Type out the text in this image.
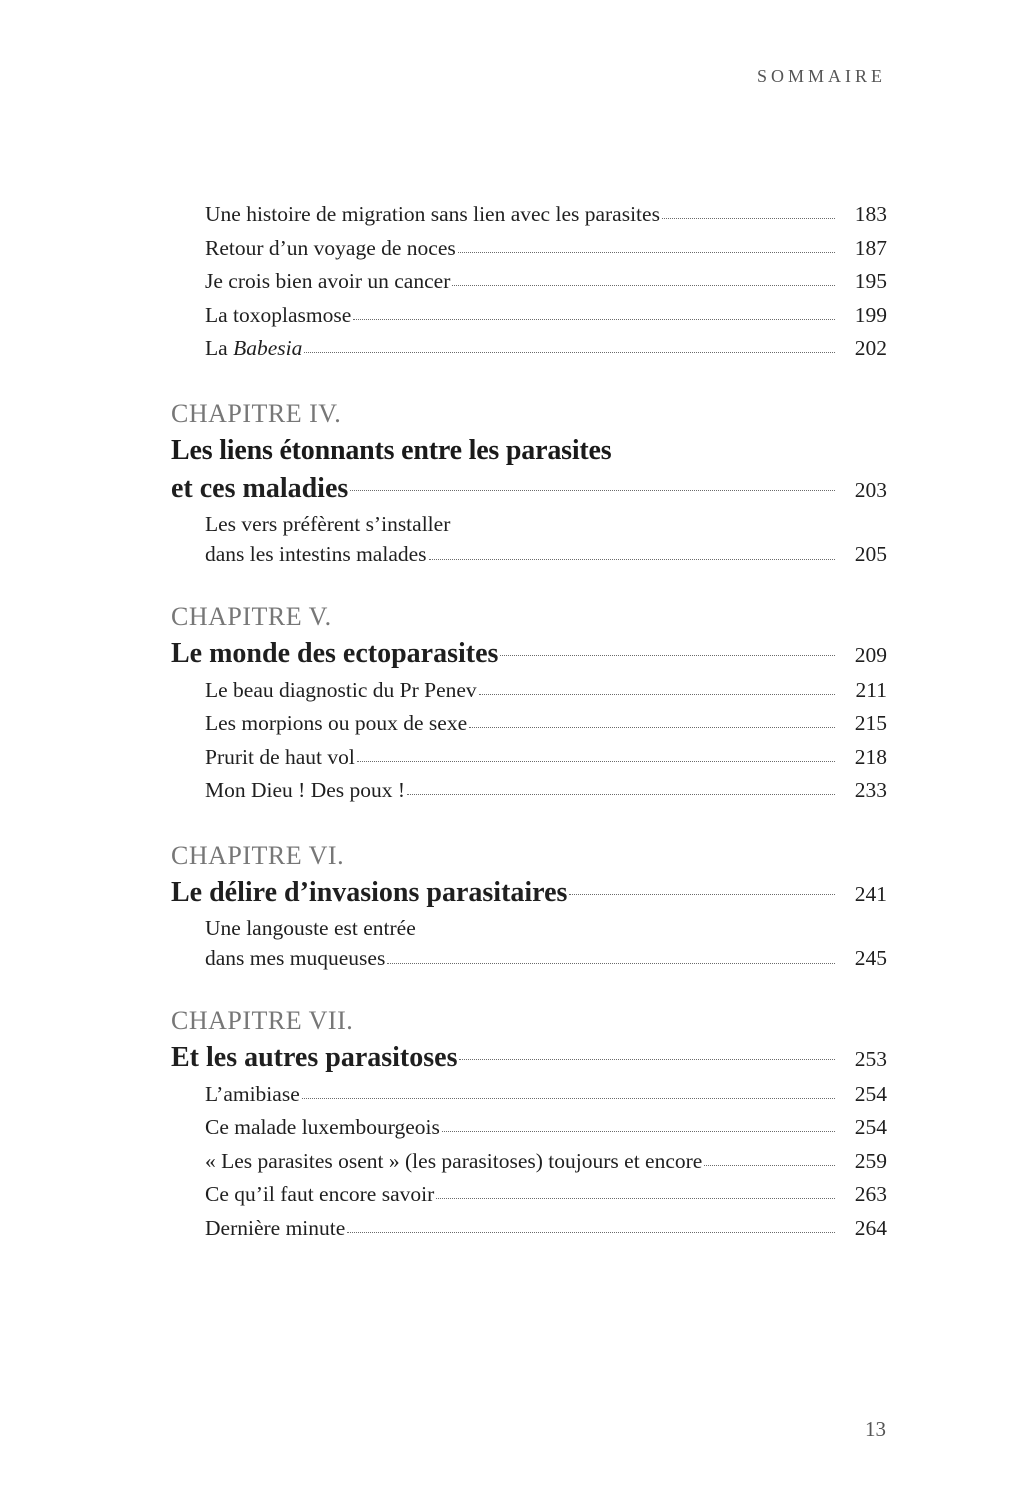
SOMMAIRE
Une histoire de migration sans lien avec les parasites	183
Retour d’un voyage de noces	187
Je crois bien avoir un cancer	195
La toxoplasmose	199
La Babesia	202
CHAPITRE IV.
Les liens étonnants entre les parasites
et ces maladies	203
Les vers préfèrent s’installer
dans les intestins malades	205
CHAPITRE V.
Le monde des ectoparasites	209
Le beau diagnostic du Pr Penev	211
Les morpions ou poux de sexe	215
Prurit de haut vol	218
Mon Dieu ! Des poux !	233
CHAPITRE VI.
Le délire d’invasions parasitaires	241
Une langouste est entrée
dans mes muqueuses	245
CHAPITRE VII.
Et les autres parasitoses	253
L’amibiase	254
Ce malade luxembourgeois	254
« Les parasites osent » (les parasitoses) toujours et encore	259
Ce qu’il faut encore savoir	263
Dernière minute	264
13
